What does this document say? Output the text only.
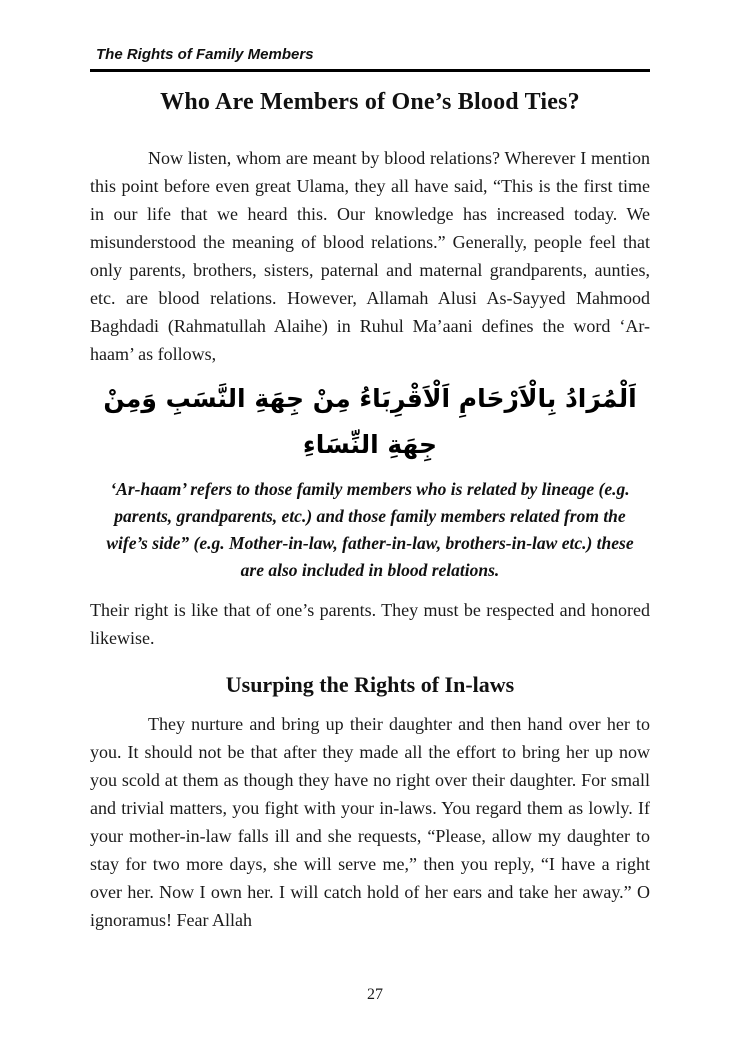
The Rights of Family Members
Who Are Members of One’s Blood Ties?
Now listen, whom are meant by blood relations? Wherever I mention this point before even great Ulama, they all have said, “This is the first time in our life that we heard this. Our knowledge has increased today. We misunderstood the meaning of blood relations.” Generally, people feel that only parents, brothers, sisters, paternal and maternal grandparents, aunties, etc. are blood relations. However, Allamah Alusi As-Sayyed Mahmood Baghdadi (Rahmatullah Alaihe) in Ruhul Ma’aani defines the word ‘Ar-haam’ as follows,
اَلْمُرَادُ بِالْاَرْحَامِ اَلْاَقْرِبَاءُ مِنْ جِهَةِ النَّسَبِ وَمِنْ جِهَةِ النِّسَاءِ
‘Ar-haam’ refers to those family members who is related by lineage (e.g. parents, grandparents, etc.) and those family members related from the wife’s side” (e.g. Mother-in-law, father-in-law, brothers-in-law etc.) these are also included in blood relations.
Their right is like that of one’s parents. They must be respected and honored likewise.
Usurping the Rights of In-laws
They nurture and bring up their daughter and then hand over her to you. It should not be that after they made all the effort to bring her up now you scold at them as though they have no right over their daughter. For small and trivial matters, you fight with your in-laws. You regard them as lowly. If your mother-in-law falls ill and she requests, “Please, allow my daughter to stay for two more days, she will serve me,” then you reply, “I have a right over her. Now I own her. I will catch hold of her ears and take her away.” O ignoramus! Fear Allah
27
